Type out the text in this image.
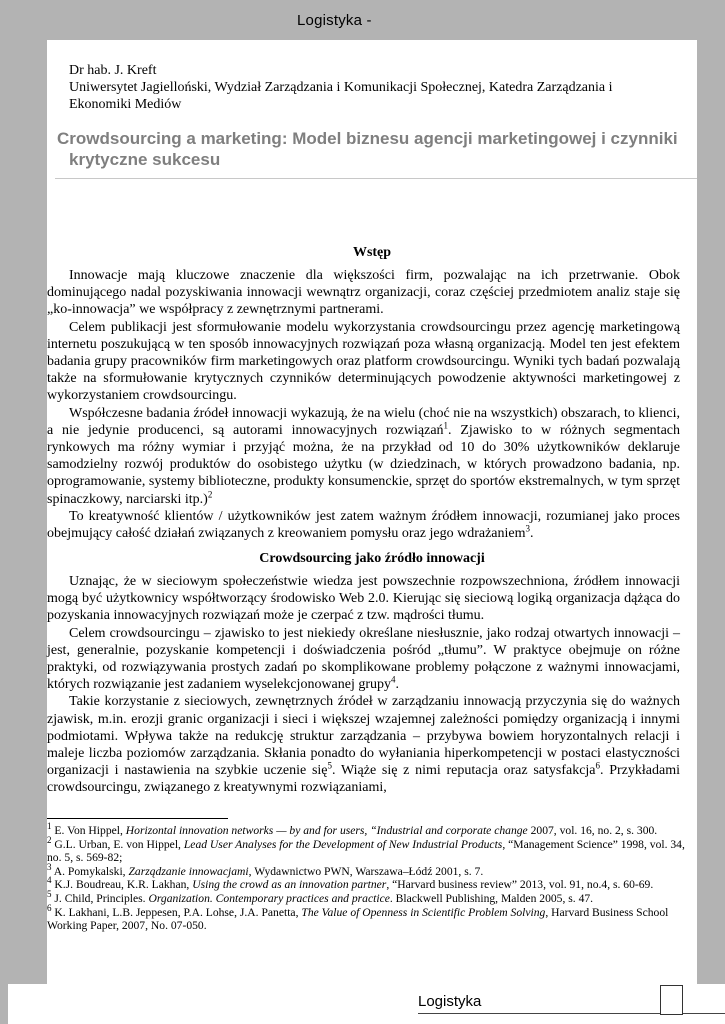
Logistyka -
Dr hab. J. Kreft
Uniwersytet Jagielloński, Wydział Zarządzania i Komunikacji Społecznej, Katedra Zarządzania i Ekonomiki Mediów
Crowdsourcing a marketing: Model biznesu agencji marketingowej i czynniki krytyczne sukcesu
Wstęp

Innowacje mają kluczowe znaczenie dla większości firm, pozwalając na ich przetrwanie. Obok dominującego nadal pozyskiwania innowacji wewnątrz organizacji, coraz częściej przedmiotem analiz staje się „ko-innowacja” we współpracy z zewnętrznymi partnerami.

Celem publikacji jest sformułowanie modelu wykorzystania crowdsourcingu przez agencję marketingową internetu poszukującą w ten sposób innowacyjnych rozwiązań poza własną organizacją. Model ten jest efektem badania grupy pracowników firm marketingowych oraz platform crowdsourcingu. Wyniki tych badań pozwalają także na sformułowanie krytycznych czynników determinujących powodzenie aktywności marketingowej z wykorzystaniem crowdsourcingu.

Współczesne badania źródeł innowacji wykazują, że na wielu (choć nie na wszystkich) obszarach, to klienci, a nie jedynie producenci, są autorami innowacyjnych rozwiązań$^1$. Zjawisko to w różnych segmentach rynkowych ma różny wymiar i przyjąć można, że na przykład od 10 do 30% użytkowników deklaruje samodzielny rozwój produktów do osobistego użytku (w dziedzinach, w których prowadzono badania, np. oprogramowanie, systemy biblioteczne, produkty konsumenckie, sprzęt do sportów ekstremalnych, w tym sprzęt spinaczkowy, narciarski itp.)$^2$

To kreatywność klientów / użytkowników jest zatem ważnym źródłem innowacji, rozumianej jako proces obejmujący całość działań związanych z kreowaniem pomysłu oraz jego wdrażaniem$^3$.

Crowdsourcing jako źródło innowacji

Uznając, że w sieciowym społeczeństwie wiedza jest powszechnie rozpowszechniona, źródłem innowacji mogą być użytkownicy współtworzący środowisko Web 2.0. Kierując się sieciową logiką organizacja dążąca do pozyskania innowacyjnych rozwiązań może je czerpać z tzw. mądrości tłumu.

Celem crowdsourcingu – zjawisko to jest niekiedy określane niesłusznie, jako rodzaj otwartych innowacji – jest, generalnie, pozyskanie kompetencji i doświadczenia pośród „tłumu”. W praktyce obejmuje on różne praktyki, od rozwiązywania prostych zadań po skomplikowane problemy połączone z ważnymi innowacjami, których rozwiązanie jest zadaniem wyselekcjonowanej grupy$^4$.

Takie korzystanie z sieciowych, zewnętrznych źródeł w zarządzaniu innowacją przyczynia się do ważnych zjawisk, m.in. erozji granic organizacji i sieci i większej wzajemnej zależności pomiędzy organizacją i innymi podmiotami. Wpływa także na redukcję struktur zarządzania – przybywa bowiem horyzontalnych relacji i maleje liczba poziomów zarządzania. Skłania ponadto do wyłaniania hiperkompetencji w postaci elastyczności organizacji i nastawienia na szybkie uczenie się$^5$. Wiąże się z nimi reputacja oraz satysfakcja$^6$. Przykładami crowdsourcingu, związanego z kreatywnymi rozwiązaniami,

$^1$ E. Von Hippel, Horizontal innovation networks — by and for users, “Industrial and corporate change 2007, vol. 16, no. 2, s. 300.
$^2$ G.L. Urban, E. von Hippel, Lead User Analyses for the Development of New Industrial Products, “Management Science” 1998, vol. 34, no. 5, s. 569-82;
$^3$ A. Pomykalski, Zarządzanie innowacjami, Wydawnictwo PWN, Warszawa–Łódź 2001, s. 7.
$^4$ K.J. Boudreau, K.R. Lakhan, Using the crowd as an innovation partner, “Harvard business review” 2013, vol. 91, no.4, s. 60-69.
$^5$ J. Child, Principles. Organization. Contemporary practices and practice. Blackwell Publishing, Malden 2005, s. 47.
$^6$ K. Lakhani, L.B. Jeppesen, P.A. Lohse, J.A. Panetta, The Value of Openness in Scientific Problem Solving, Harvard Business School Working Paper, 2007, No. 07-050.
Logistyka
